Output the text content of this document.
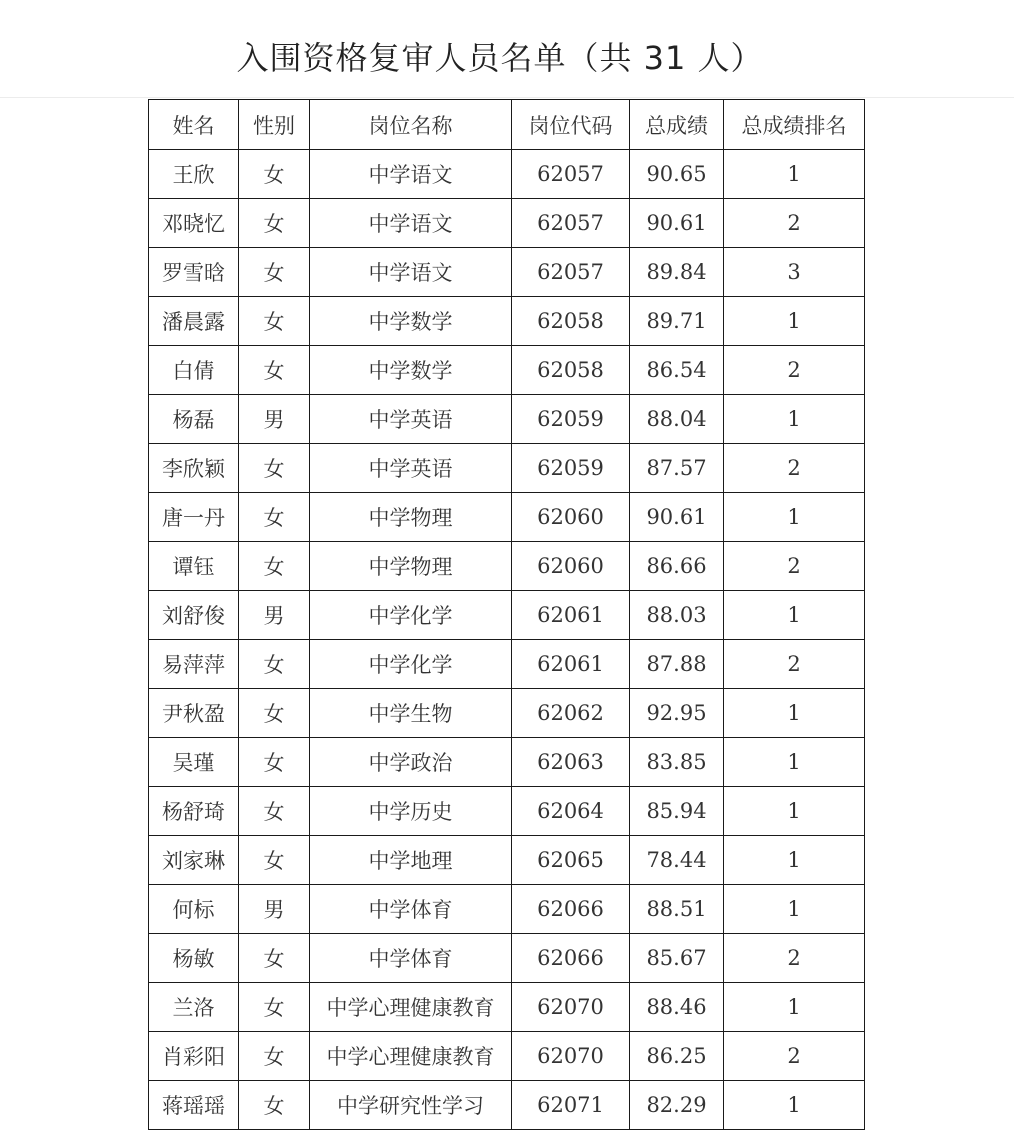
入围资格复审人员名单（共 31 人）
姓名	性别	岗位名称	岗位代码	总成绩	总成绩排名
王欣	女	中学语文	62057	90.65	1
邓晓忆	女	中学语文	62057	90.61	2
罗雪晗	女	中学语文	62057	89.84	3
潘晨露	女	中学数学	62058	89.71	1
白倩	女	中学数学	62058	86.54	2
杨磊	男	中学英语	62059	88.04	1
李欣颖	女	中学英语	62059	87.57	2
唐一丹	女	中学物理	62060	90.61	1
谭钰	女	中学物理	62060	86.66	2
刘舒俊	男	中学化学	62061	88.03	1
易萍萍	女	中学化学	62061	87.88	2
尹秋盈	女	中学生物	62062	92.95	1
吴瑾	女	中学政治	62063	83.85	1
杨舒琦	女	中学历史	62064	85.94	1
刘家琳	女	中学地理	62065	78.44	1
何标	男	中学体育	62066	88.51	1
杨敏	女	中学体育	62066	85.67	2
兰洛	女	中学心理健康教育	62070	88.46	1
肖彩阳	女	中学心理健康教育	62070	86.25	2
蒋瑶瑶	女	中学研究性学习	62071	82.29	1
